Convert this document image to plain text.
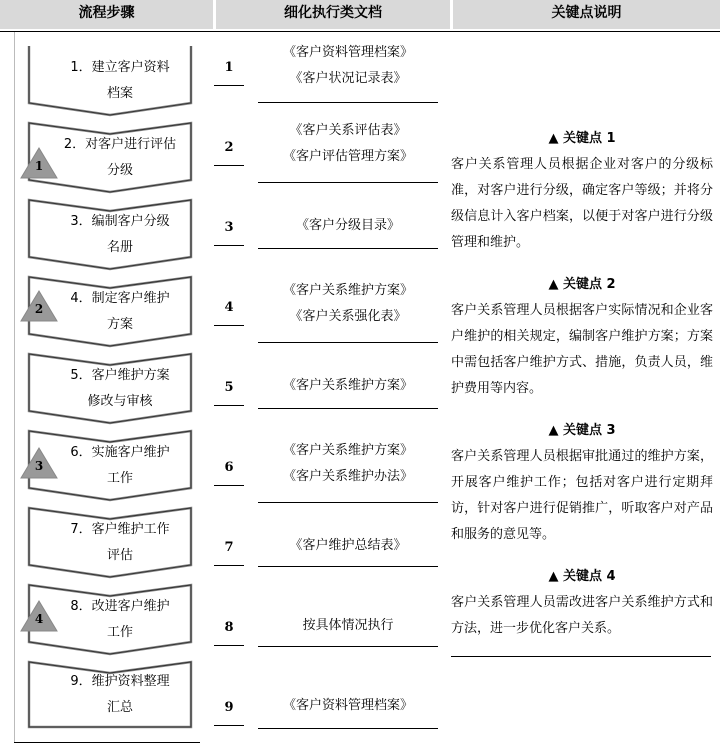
流程步骤	细化执行类文档	关键点说明
1．建立客户资料
档案
2．对客户进行评估
分级
3．编制客户分级
名册
4．制定客户维护
方案
5．客户维护方案
修改与审核
6．实施客户维护
工作
7．客户维护工作
评估
8．改进客户维护
工作
9．维护资料整理
汇总
1
2
3
4
1
2
3
4
5
6
7
8
9
《客户资料管理档案》
《客户状况记录表》
《客户关系评估表》
《客户评估管理方案》
《客户分级目录》
《客户关系维护方案》
《客户关系强化表》
《客户关系维护方案》
《客户关系维护方案》
《客户关系维护办法》
《客户维护总结表》
按具体情况执行
《客户资料管理档案》
▲ 关键点 1
客户关系管理人员根据企业对客户的分级标准，对客户进行分级，确定客户等级；并将分级信息计入客户档案，以便于对客户进行分级管理和维护。
▲ 关键点 2
客户关系管理人员根据客户实际情况和企业客户维护的相关规定，编制客户维护方案；方案中需包括客户维护方式、措施，负责人员，维护费用等内容。
▲ 关键点 3
客户关系管理人员根据审批通过的维护方案，开展客户维护工作；包括对客户进行定期拜访，针对客户进行促销推广，听取客户对产品和服务的意见等。
▲ 关键点 4
客户关系管理人员需改进客户关系维护方式和方法，进一步优化客户关系。
